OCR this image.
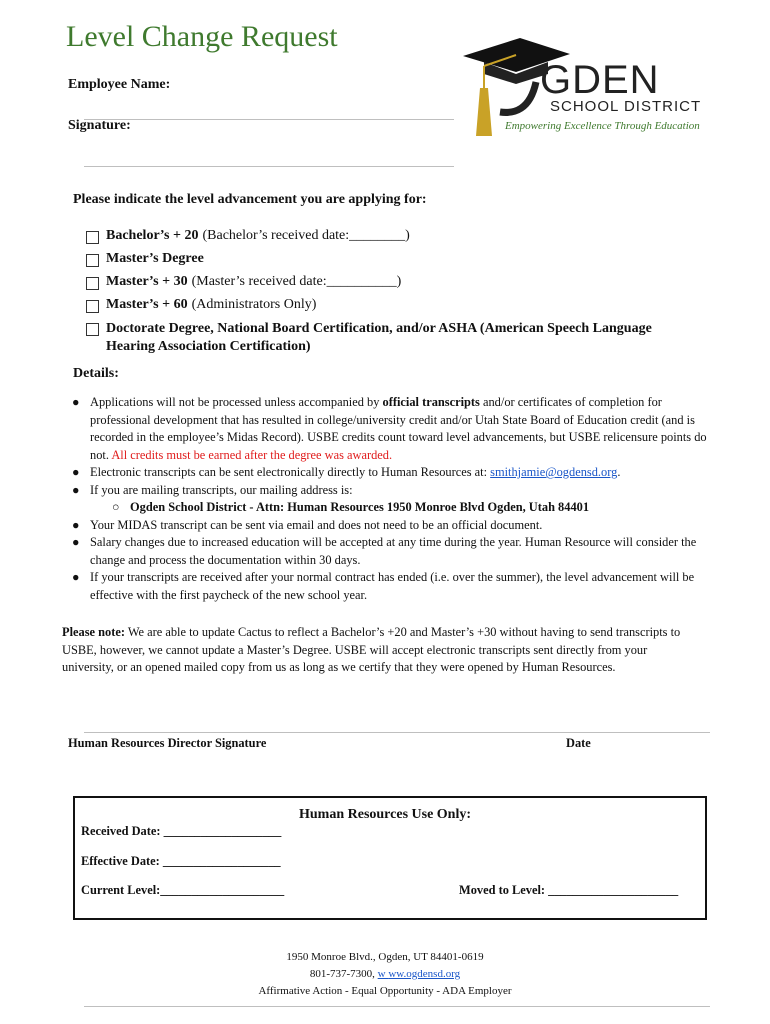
Level Change Request
Employee Name:
Signature:
GDEN
SCHOOL DISTRICT
Empowering Excellence Through Education
Please indicate the level advancement you are applying for:
Bachelor’s + 20 (Bachelor’s received date:________)
Master’s Degree
Master’s + 30 (Master’s received date:__________)
Master’s + 60 (Administrators Only)
Doctorate Degree, National Board Certification, and/or ASHA (American Speech Language Hearing Association Certification)
Details:
● Applications will not be processed unless accompanied by official transcripts and/or certificates of completion for professional development that has resulted in college/university credit and/or Utah State Board of Education credit (and is recorded in the employee’s Midas Record). USBE credits count toward level advancements, but USBE relicensure points do not. All credits must be earned after the degree was awarded.
● Electronic transcripts can be sent electronically directly to Human Resources at: smithjamie@ogdensd.org.
● If you are mailing transcripts, our mailing address is:
○ Ogden School District - Attn: Human Resources 1950 Monroe Blvd Ogden, Utah 84401
● Your MIDAS transcript can be sent via email and does not need to be an official document.
● Salary changes due to increased education will be accepted at any time during the year. Human Resource will consider the change and process the documentation within 30 days.
● If your transcripts are received after your normal contract has ended (i.e. over the summer), the level advancement will be effective with the first paycheck of the new school year.
Please note: We are able to update Cactus to reflect a Bachelor’s +20 and Master’s +30 without having to send transcripts to USBE, however, we cannot update a Master’s Degree. USBE will accept electronic transcripts sent directly from your university, or an opened mailed copy from us as long as we certify that they were opened by Human Resources.
Human Resources Director Signature	Date
Human Resources Use Only:
Received Date: ___________________
Effective Date: ___________________
Current Level:____________________	Moved to Level: _____________________
1950 Monroe Blvd., Ogden, UT 84401-0619
801-737-7300, w ww.ogdensd.org
Affirmative Action - Equal Opportunity - ADA Employer
